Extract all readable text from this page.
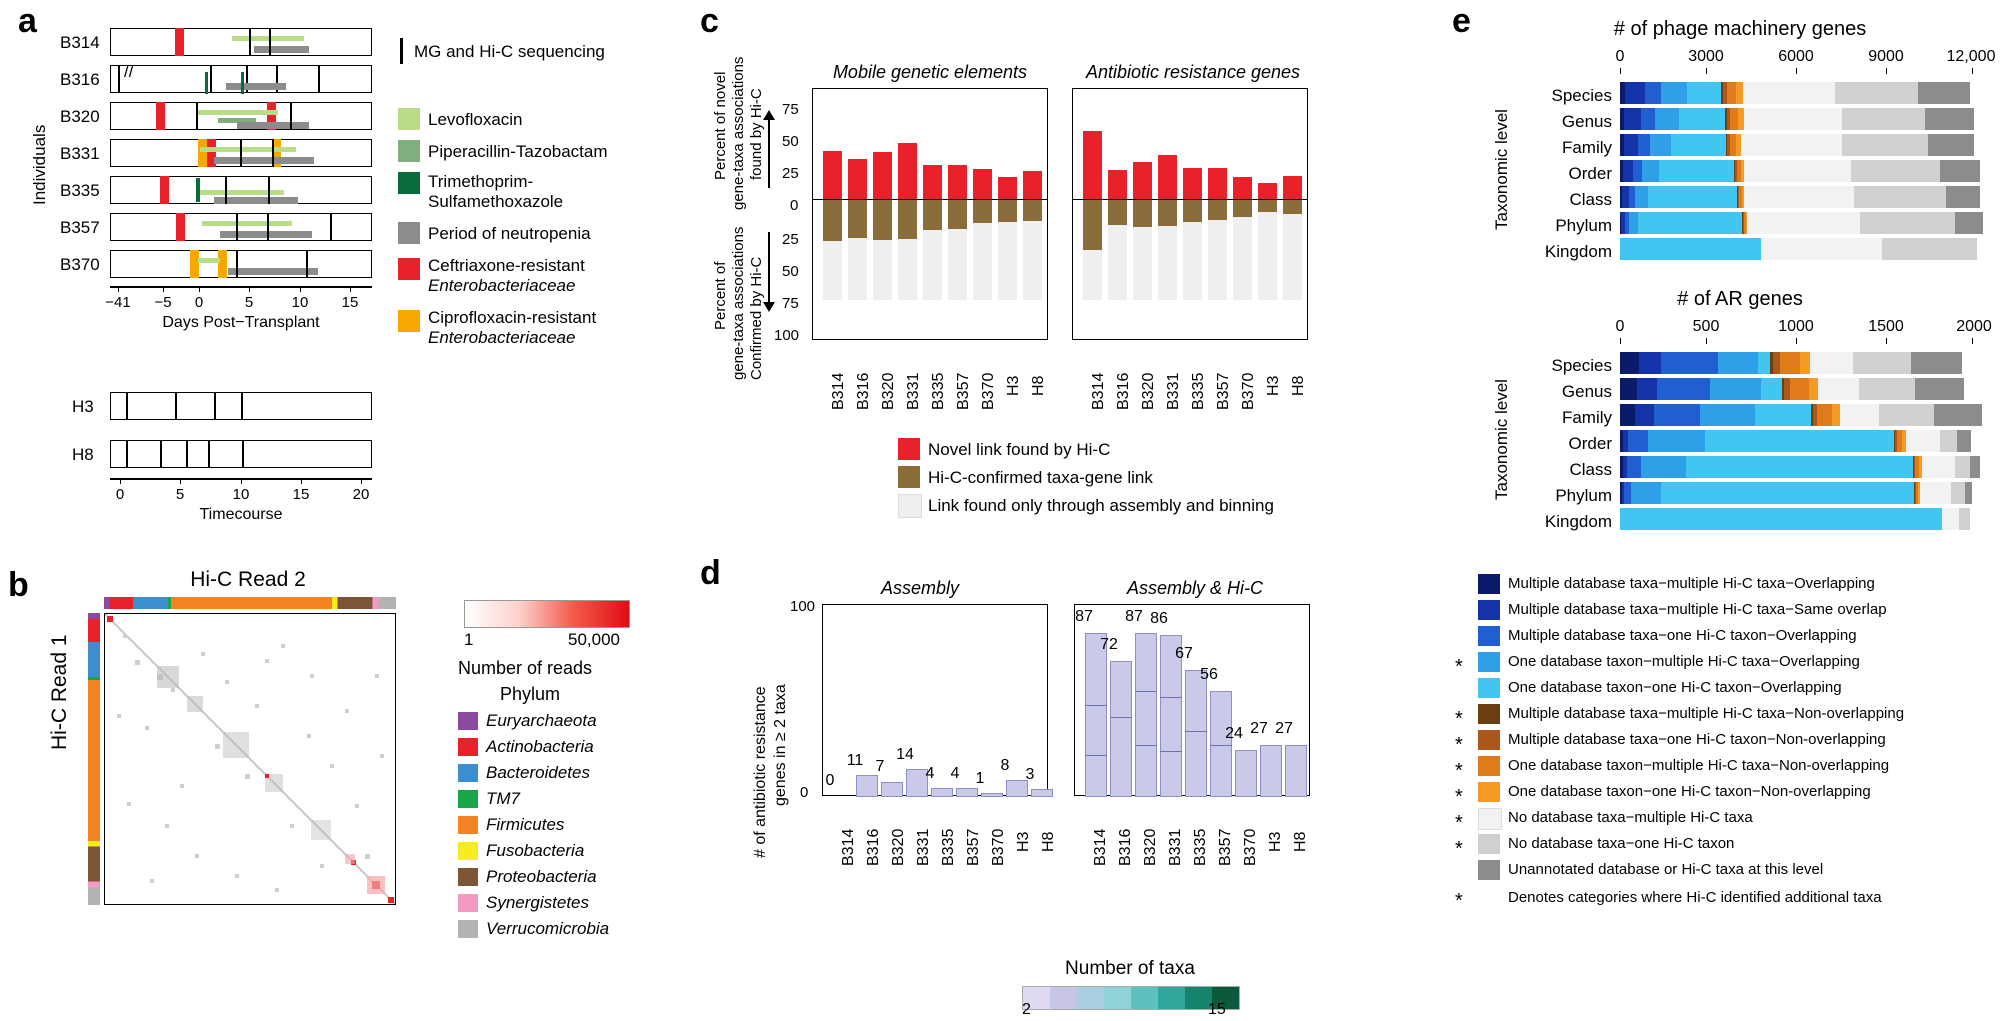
a
Individuals
B314
B316 //
B320
B331
B335
B357
B370
−41	−5	0	5	10	15
Days Post−Transplant
H3
H8
0	5	10	15	20
Timecourse
MG and Hi-C sequencing
Levofloxacin
Piperacillin-Tazobactam
Trimethoprim-
Sulfamethoxazole
Period of neutropenia
Ceftriaxone-resistant
Enterobacteriaceae
Ciprofloxacin-resistant
Enterobacteriaceae
b	Hi-C Read 2
Hi-C Read 1	1	50,000
Number of reads
Phylum
Euryarchaeota
Actinobacteria
Bacteroidetes
TM7
Firmicutes
Fusobacteria
Proteobacteria
Synergistetes
Verrucomicrobia
c
Percent of novel gene-taxa associations found by Hi-C
Percent of gene-taxa associations Confirmed by Hi-C
75
50
25
0
25
50
75
100
Mobile genetic elements	Antibiotic resistance genes
B314 B316 B320 B331 B335 B357 B370 H3 H8	B314 B316 B320 B331 B335 B357 B370 H3 H8
Novel link found by Hi-C
Hi-C-confirmed taxa-gene link
Link found only through assembly and binning
d
# of antibiotic resistance genes in ≥ 2 taxa
100
0
Assembly
0
11 7
14
4	4	1
8
3
B314 B316 B320 B331 B335 B357 B370 H3 H8
Assembly & Hi-C
87
72
87 86
67
56
24 27 27
B314 B316 B320 B331 B335 B357 B370 H3 H8
Number of taxa
2	15
e	# of phage machinery genes
Taxonomic level
0	3000	6000	9000	12,000
Species
Genus
Family
Order
Class
Phylum
Kingdom
# of AR genes
Taxonomic level
0	500	1000	1500	2000
Species
Genus
Family
Order
Class
Phylum
Kingdom
Multiple database taxa−multiple Hi-C taxa−Overlapping
Multiple database taxa−multiple Hi-C taxa−Same overlap
Multiple database taxa−one Hi-C taxon−Overlapping
*	One database taxon−multiple Hi-C taxa−Overlapping
One database taxon−one Hi-C taxon−Overlapping
*	Multiple database taxa−multiple Hi-C taxa−Non-overlapping
*	Multiple database taxa−one Hi-C taxon−Non-overlapping
*	One database taxon−multiple Hi-C taxa−Non-overlapping
*	One database taxon−one Hi-C taxon−Non-overlapping
*	No database taxa−multiple Hi-C taxa
*	No database taxa−one Hi-C taxon
Unannotated database or Hi-C taxa at this level
*	Denotes categories where Hi-C identified additional taxa
